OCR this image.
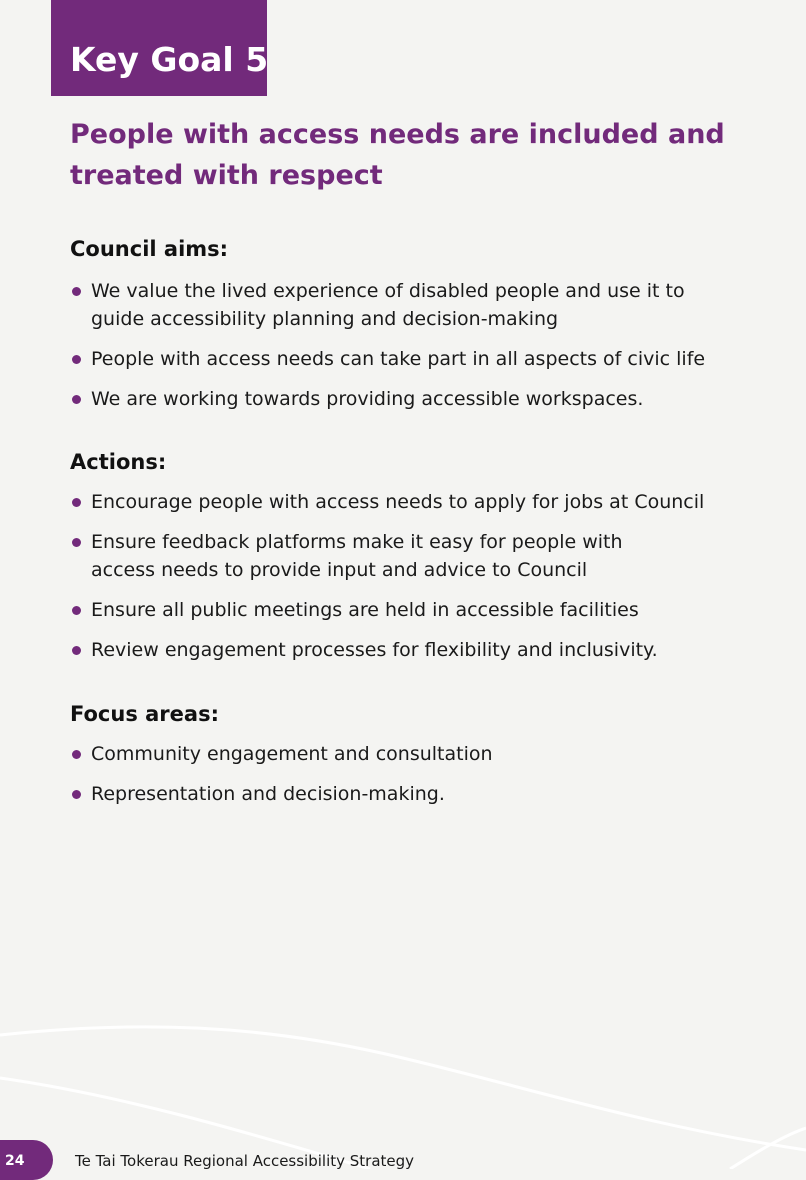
Key Goal 5
People with access needs are included and treated with respect
Council aims:
We value the lived experience of disabled people and use it to guide accessibility planning and decision-making
People with access needs can take part in all aspects of civic life
We are working towards providing accessible workspaces.
Actions:
Encourage people with access needs to apply for jobs at Council
Ensure feedback platforms make it easy for people with access needs to provide input and advice to Council
Ensure all public meetings are held in accessible facilities
Review engagement processes for flexibility and inclusivity.
Focus areas:
Community engagement and consultation
Representation and decision-making.
24	Te Tai Tokerau Regional Accessibility Strategy
